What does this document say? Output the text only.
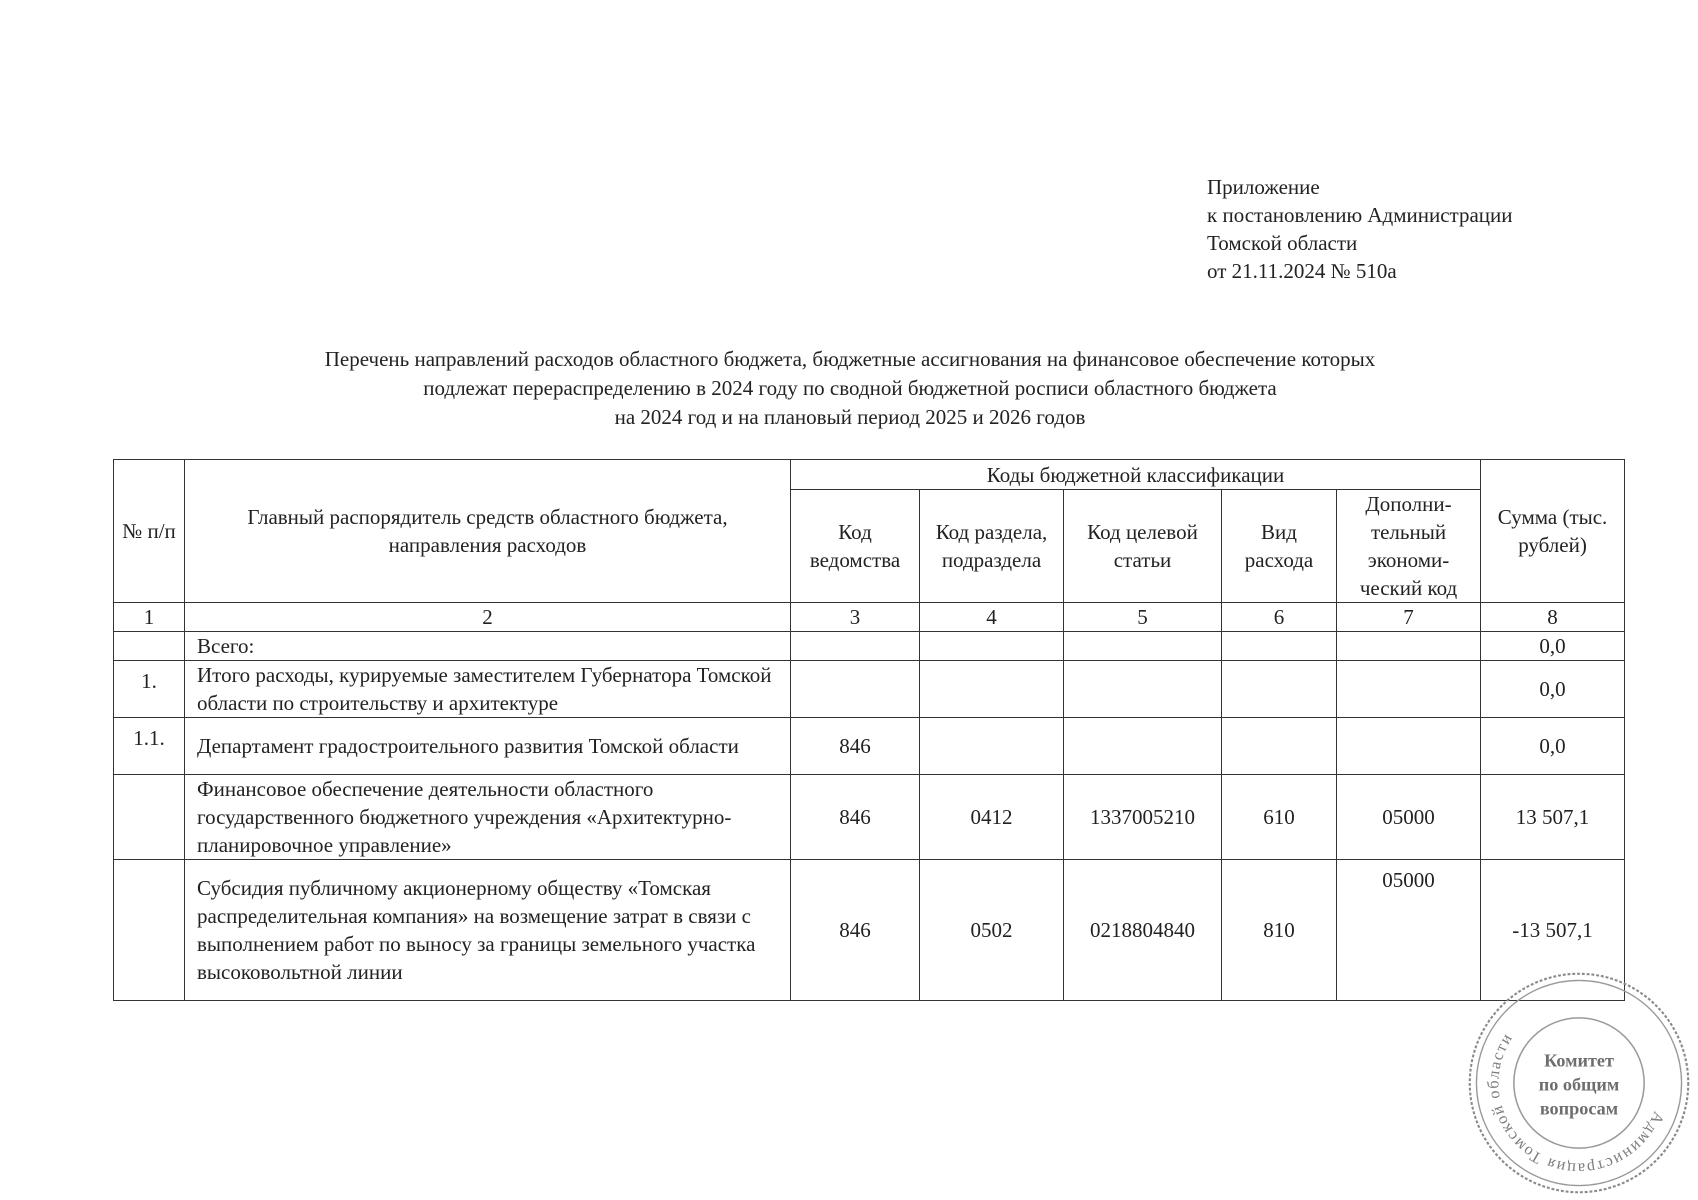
Приложение
к постановлению Администрации
Томской области
от 21.11.2024 № 510а
Перечень направлений расходов областного бюджета, бюджетные ассигнования на финансовое обеспечение которых
подлежат перераспределению в 2024 году по сводной бюджетной росписи областного бюджета
на 2024 год и на плановый период 2025 и 2026 годов
№ п/п	Главный распорядитель средств областного бюджета, направления расходов	Коды бюджетной классификации					Сумма (тыс. рублей)
		Код ведомства	Код раздела, подраздела	Код целевой статьи	Вид расхода	Дополни-тельный экономи-ческий код	
1	2	3	4	5	6	7	8
	Всего:						0,0
1.	Итого расходы, курируемые заместителем Губернатора Томской области по строительству и архитектуре						0,0
1.1.	Департамент градостроительного развития Томской области	846					0,0
	Финансовое обеспечение деятельности областного государственного бюджетного учреждения «Архитектурно-планировочное управление»	846	0412	1337005210	610	05000	13 507,1
	Субсидия публичному акционерному обществу «Томская распределительная компания» на возмещение затрат в связи с выполнением работ по выносу за границы земельного участка высоковольтной линии	846	0502	0218804840	810	05000	-13 507,1
Администрация Томской области
Комитет
по общим
вопросам
